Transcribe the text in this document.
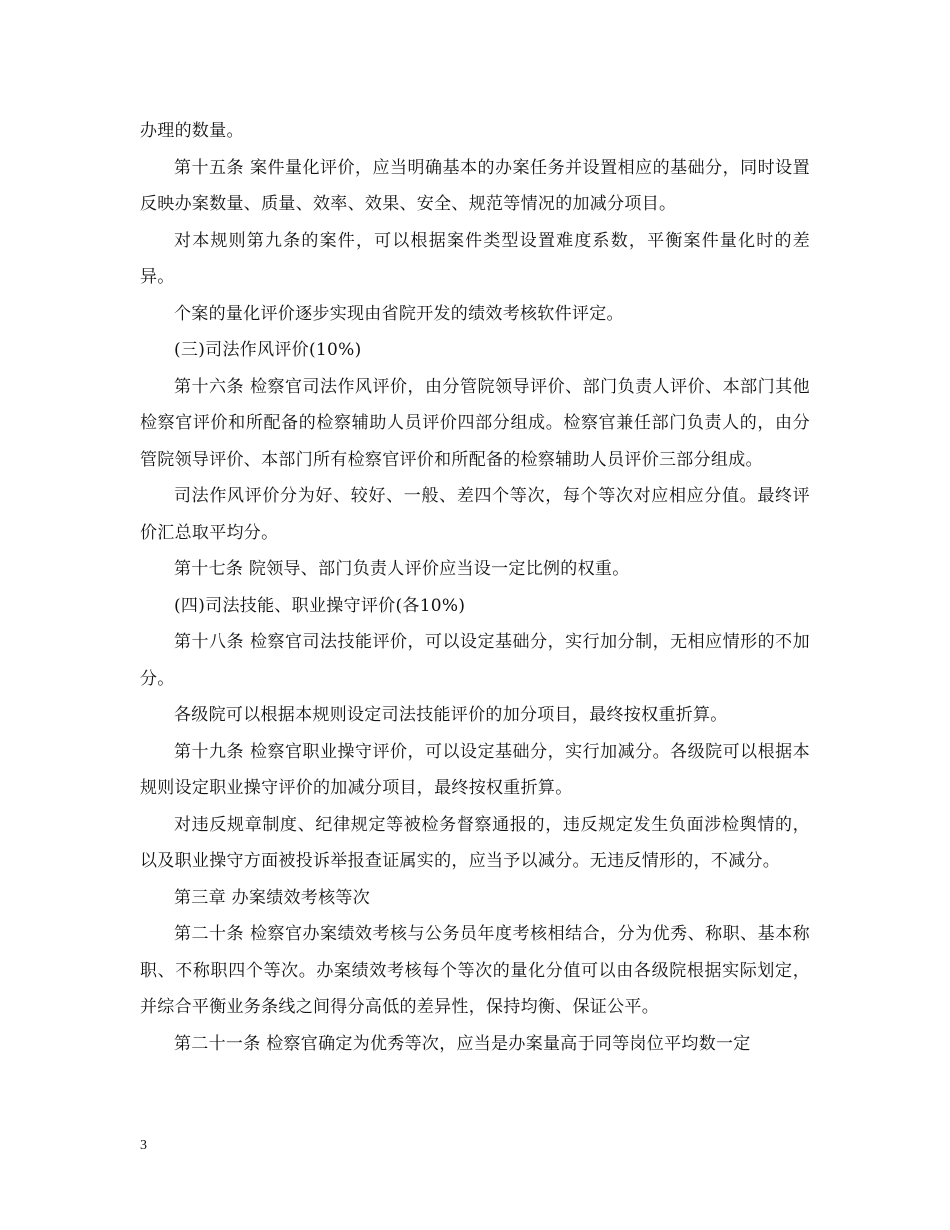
办理的数量。

第十五条 案件量化评价，应当明确基本的办案任务并设置相应的基础分，同时设置反映办案数量、质量、效率、效果、安全、规范等情况的加减分项目。

对本规则第九条的案件，可以根据案件类型设置难度系数，平衡案件量化时的差异。

个案的量化评价逐步实现由省院开发的绩效考核软件评定。

(三)司法作风评价(10%)

第十六条 检察官司法作风评价，由分管院领导评价、部门负责人评价、本部门其他检察官评价和所配备的检察辅助人员评价四部分组成。检察官兼任部门负责人的，由分管院领导评价、本部门所有检察官评价和所配备的检察辅助人员评价三部分组成。

司法作风评价分为好、较好、一般、差四个等次，每个等次对应相应分值。最终评价汇总取平均分。

第十七条 院领导、部门负责人评价应当设一定比例的权重。

(四)司法技能、职业操守评价(各10%)

第十八条 检察官司法技能评价，可以设定基础分，实行加分制，无相应情形的不加分。

各级院可以根据本规则设定司法技能评价的加分项目，最终按权重折算。

第十九条 检察官职业操守评价，可以设定基础分，实行加减分。各级院可以根据本规则设定职业操守评价的加减分项目，最终按权重折算。

对违反规章制度、纪律规定等被检务督察通报的，违反规定发生负面涉检舆情的，以及职业操守方面被投诉举报查证属实的，应当予以减分。无违反情形的，不减分。

第三章 办案绩效考核等次

第二十条 检察官办案绩效考核与公务员年度考核相结合，分为优秀、称职、基本称职、不称职四个等次。办案绩效考核每个等次的量化分值可以由各级院根据实际划定，并综合平衡业务条线之间得分高低的差异性，保持均衡、保证公平。

第二十一条 检察官确定为优秀等次，应当是办案量高于同等岗位平均数一定

3
